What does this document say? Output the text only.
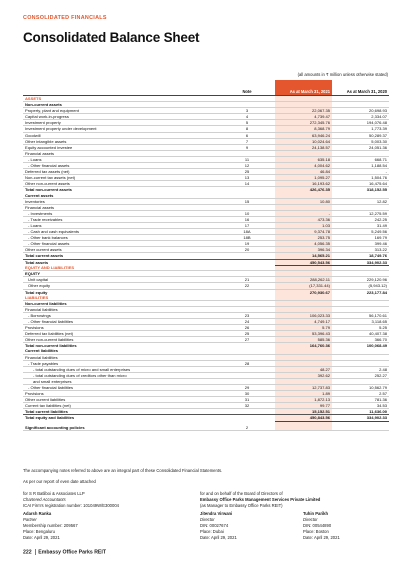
CONSOLIDATED FINANCIALS
Consolidated Balance Sheet
(all amounts in ₹ million unless otherwise stated)
	Note	As at March 31, 2021	As at March 31, 2020
ASSETS			
Non-current assets			
Property, plant and equipment	3	22,067.35	20,698.93
Capital work-in-progress	4	4,739.47	2,334.07
Investment property	5	272,345.76	194,076.48
Investment property under development	8	8,368.79	1,773.39
Goodwill	6	63,946.24	50,289.37
Other intangible assets	7	10,024.64	5,003.30
Equity accounted investee	9	24,138.57	24,051.36
Financial assets			
- Loans	11	635.18	668.71
- Other financial assets	12	4,004.62	1,188.54
Deferred tax assets (net)	25	46.84	-
Non-current tax assets (net)	13	1,095.27	1,504.76
Other non-current assets	14	16,193.62	16,475.64
Total non-current assets		426,476.35	318,152.55
Current assets			
Inventories	15	10.80	12.82
Financial assets			
- Investments	10	-	12,275.59
- Trade receivables	16	473.36	242.25
- Loans	17	1.03	31.49
- Cash and cash equivalents	18A	9,374.78	5,249.56
- Other bank balances	18B	253.75	169.79
- Other financial assets	19	4,056.35	399.46
Other current assets	20	396.34	313.22
Total current assets		14,565.21	18,749.76
Total assets		450,543.56	334,902.33
EQUITY AND LIABILITIES			
EQUITY			
Unit capital	21	288,262.11	229,120.96
Other equity	22	(17,331.44)	(5,943.12)
Total equity		270,930.67	223,177.84
LIABILITIES			
Non-current liabilities			
Financial liabilities			
- Borrowings	23	106,023.33	56,170.61
- Other financial liabilities	24	4,749.17	3,118.65
Provisions	26	5.79	5.25
Deferred tax liabilities (net)	25	53,396.43	40,407.38
Other non-current liabilities	27	585.36	366.70
Total non-current liabilities		164,760.36	100,068.49
Current liabilities			
Financial liabilities			
- Trade payables	28		
- total outstanding dues of micro and small enterprises		48.27	2.48
- total outstanding dues of creditors other than micro		392.62	252.27
and small enterprises			
- Other financial liabilities	29	12,737.83	10,562.79
Provisions	30	1.89	2.57
Other current liabilities	31	1,872.13	781.36
Current tax liabilities (net)	32	99.77	34.53
Total current liabilities		15,152.51	11,636.00
Total equity and liabilities		450,843.56	334,902.33
Significant accounting policies	2		
The accompanying notes referred to above are an integral part of these Consolidated Financial Statements.
As per our report of even date attached
for S R Batliboi & Associates LLP
Chartered Accountants
ICAI Firm's registration number: 101049W/E300004
for and on behalf of the Board of Directors of
Embassy Office Parks Management Services Private Limited
(as Manager to Embassy Office Parks REIT)
Adarsh Ranka
Partner
Membership number: 209567
Place: Bengaluru
Date: April 29, 2021
Jitendra Virwani
Director
DIN: 00027674
Place: Dubai
Date: April 29, 2021
Tuhin Parikh
Director
DIN: 00544890
Place: Boston
Date: April 29, 2021
222 Embassy Office Parks REIT
